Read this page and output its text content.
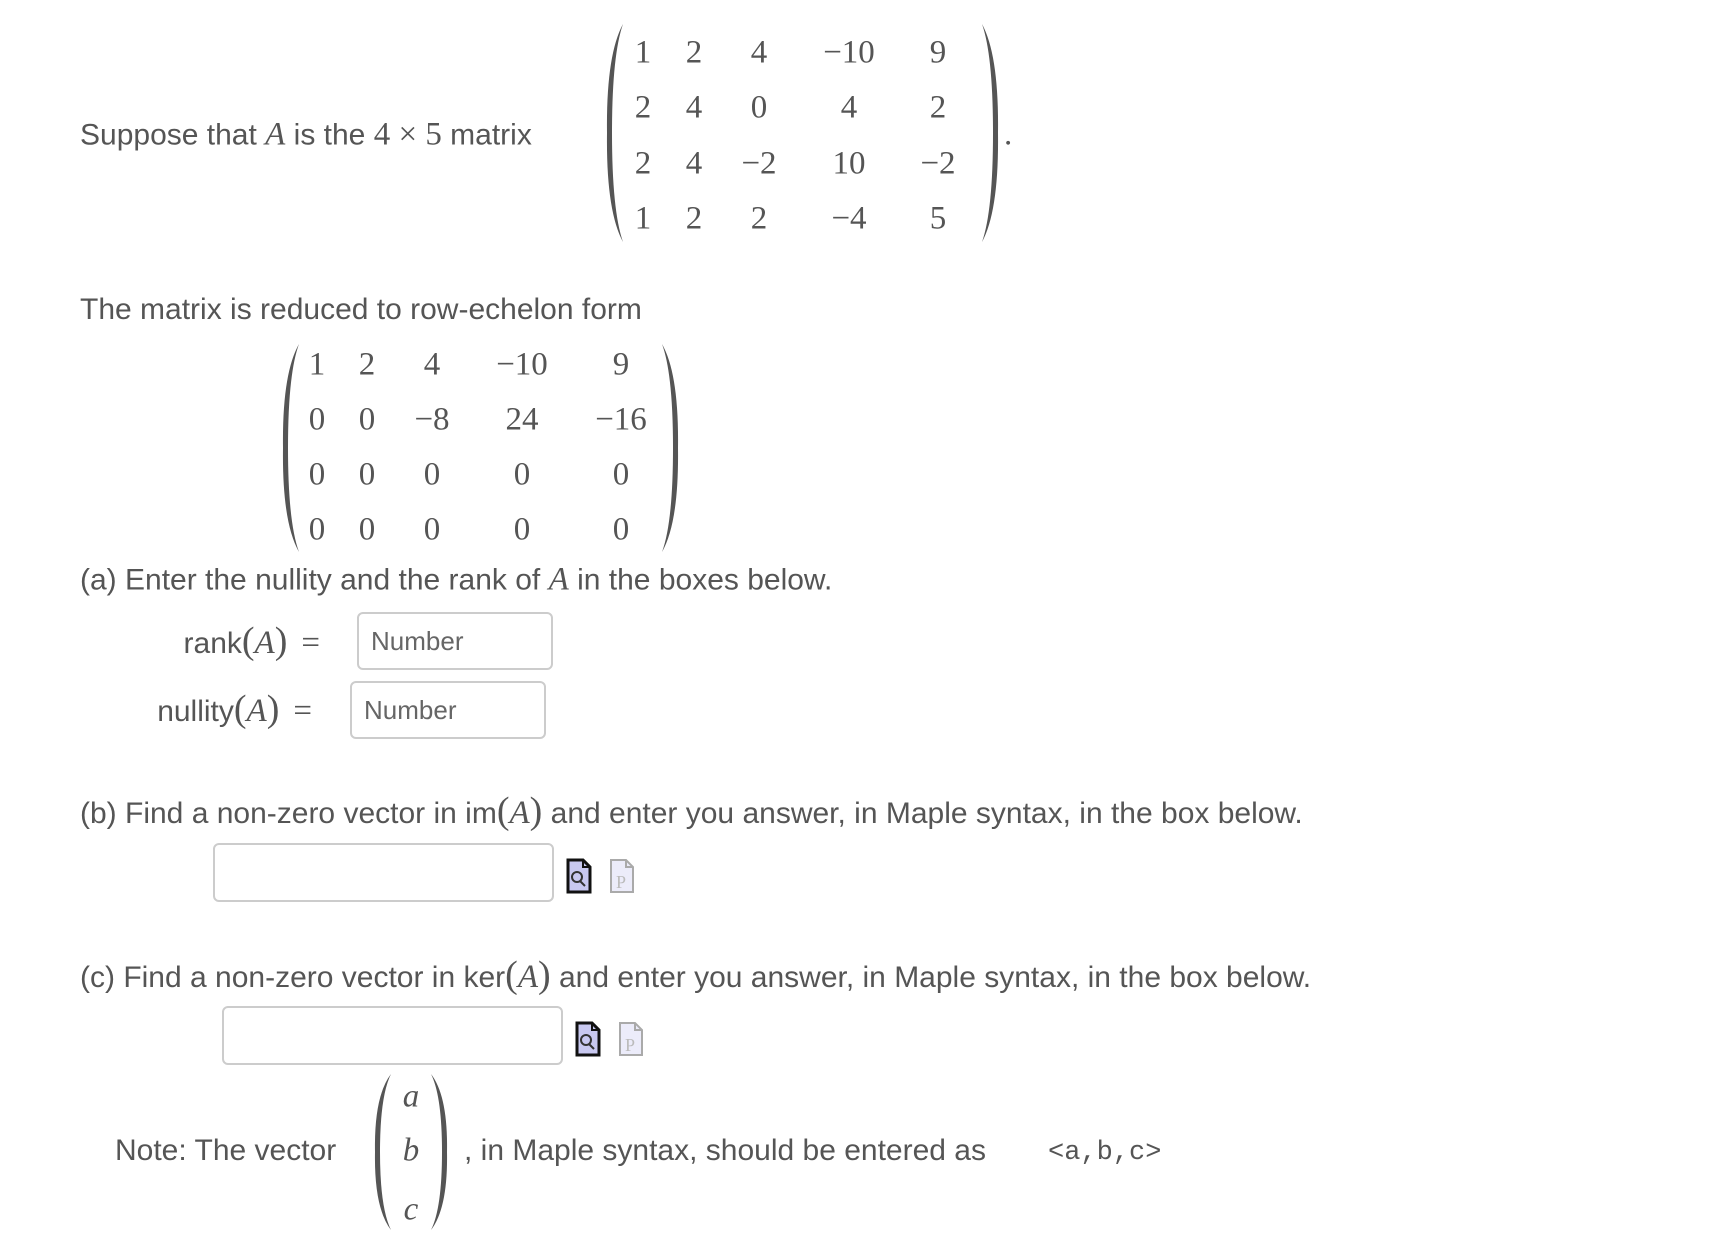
Suppose that A is the 4 × 5 matrix
1 2 4 −10 9
2 4 0 4 2
2 4 −2 10 −2
1 2 2 −4 5
.
The matrix is reduced to row-echelon form
1 2 4 −10 9
0 0 −8 24 −16
0 0 0 0	0
0 0 0 0	0
(a) Enter the nullity and the rank of A in the boxes below.
rank(A) =
Number
nullity(A) =
Number
(b) Find a non-zero vector in im(A) and enter you answer, in Maple syntax, in the box below.
P
(c) Find a non-zero vector in ker(A) and enter you answer, in Maple syntax, in the box below.
P
Note: The vector
a
b
c
, in Maple syntax, should be entered as <a,b,c>
